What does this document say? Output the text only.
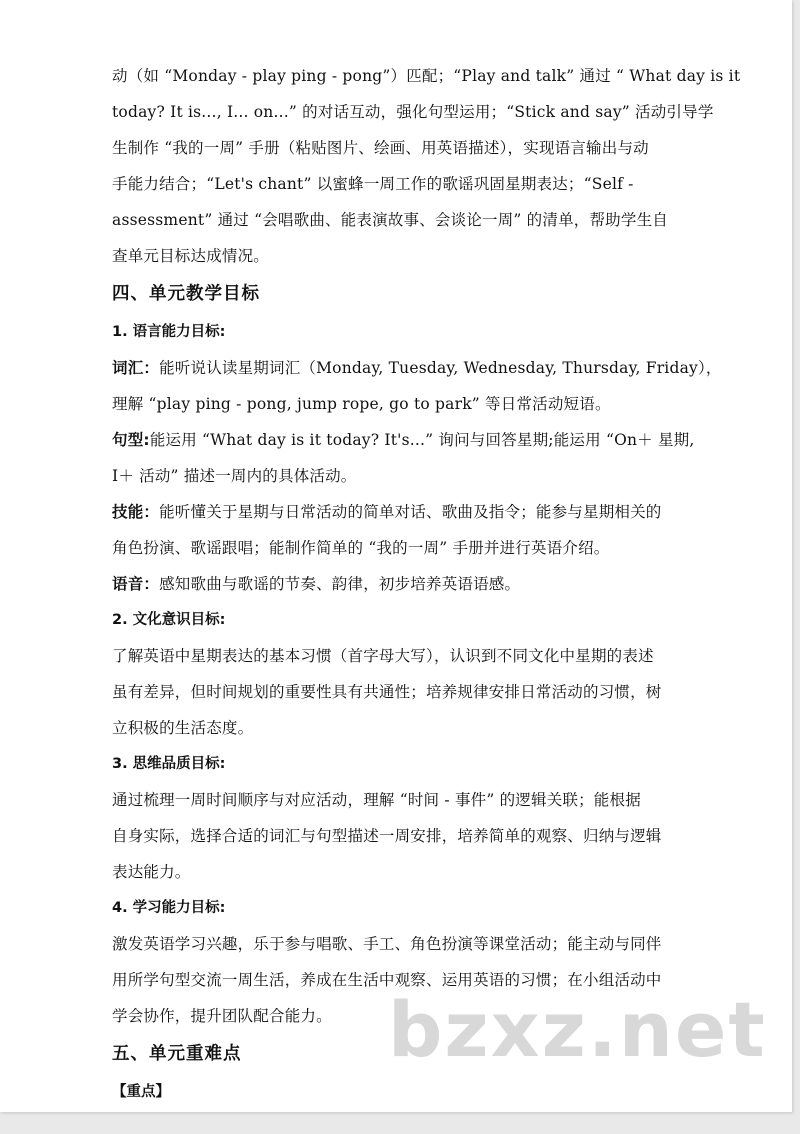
动（如 “Monday - play ping - pong”）匹配；“Play and talk” 通过 “ What day is it
today? It is..., I... on...” 的对话互动，强化句型运用；“Stick and say” 活动引导学
生制作 “我的一周” 手册（粘贴图片、绘画、用英语描述），实现语言输出与动
手能力结合；“Let's chant” 以蜜蜂一周工作的歌谣巩固星期表达；“Self -
assessment” 通过 “会唱歌曲、能表演故事、会谈论一周” 的清单，帮助学生自
查单元目标达成情况。
四、单元教学目标
1. 语言能力目标:
词汇：能听说认读星期词汇（Monday, Tuesday, Wednesday, Thursday, Friday），
理解 “play ping - pong, jump rope, go to park” 等日常活动短语。
句型:能运用 “What day is it today? It's...” 询问与回答星期;能运用 “On＋ 星期,
I＋ 活动” 描述一周内的具体活动。
技能：能听懂关于星期与日常活动的简单对话、歌曲及指令；能参与星期相关的
角色扮演、歌谣跟唱；能制作简单的 “我的一周” 手册并进行英语介绍。
语音：感知歌曲与歌谣的节奏、韵律，初步培养英语语感。
2. 文化意识目标:
了解英语中星期表达的基本习惯（首字母大写），认识到不同文化中星期的表述
虽有差异，但时间规划的重要性具有共通性；培养规律安排日常活动的习惯，树
立积极的生活态度。
3. 思维品质目标:
通过梳理一周时间顺序与对应活动，理解 “时间 - 事件” 的逻辑关联；能根据
自身实际，选择合适的词汇与句型描述一周安排，培养简单的观察、归纳与逻辑
表达能力。
4. 学习能力目标:
激发英语学习兴趣，乐于参与唱歌、手工、角色扮演等课堂活动；能主动与同伴
用所学句型交流一周生活，养成在生活中观察、运用英语的习惯；在小组活动中
学会协作，提升团队配合能力。
五、单元重难点
【重点】
bzxz.net
